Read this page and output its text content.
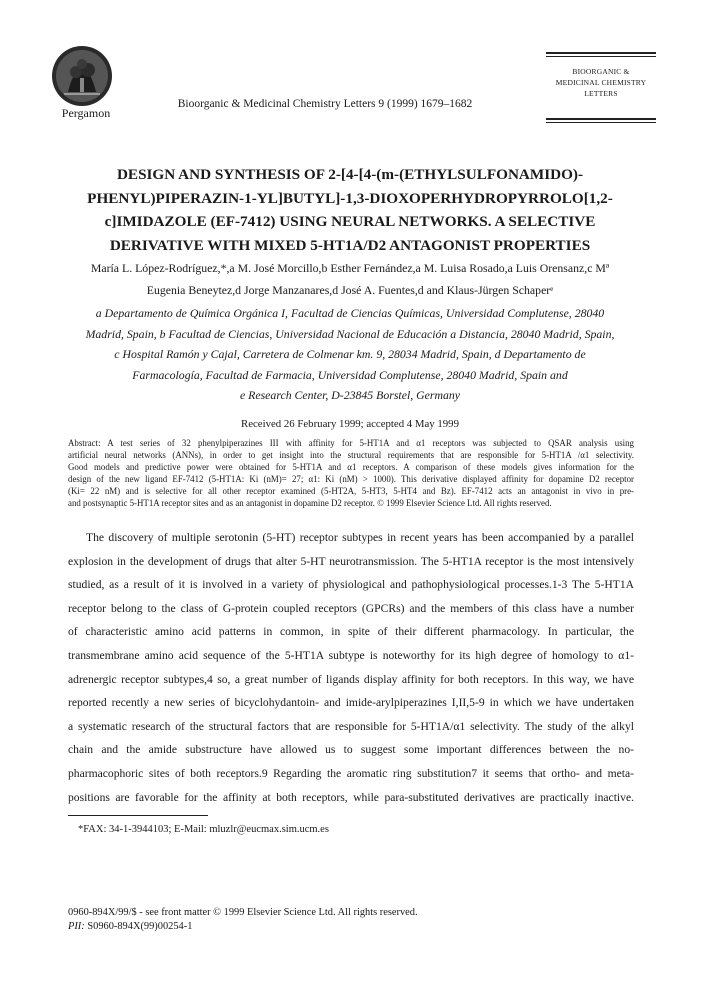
Pergamon
Bioorganic & Medicinal Chemistry Letters 9 (1999) 1679–1682
BIOORGANIC &
MEDICINAL CHEMISTRY
LETTERS
DESIGN AND SYNTHESIS OF 2-[4-[4-(m-(ETHYLSULFONAMIDO)-
PHENYL)PIPERAZIN-1-YL]BUTYL]-1,3-DIOXOPERHYDROPYRROLO[1,2-
c]IMIDAZOLE (EF-7412) USING NEURAL NETWORKS. A SELECTIVE
DERIVATIVE WITH MIXED 5-HT1A/D2 ANTAGONIST PROPERTIES
María L. López-Rodríguez,*,a M. José Morcillo,b Esther Fernández,a M. Luisa Rosado,a Luis Orensanz,c Mª
Eugenia Beneytez,d Jorge Manzanares,d José A. Fuentes,d and Klaus-Jürgen Schaperᵉ
a Departamento de Química Orgánica I, Facultad de Ciencias Químicas, Universidad Complutense, 28040
Madrid, Spain, b Facultad de Ciencias, Universidad Nacional de Educación a Distancia, 28040 Madrid, Spain,
c Hospital Ramón y Cajal, Carretera de Colmenar km. 9, 28034 Madrid, Spain, d Departamento de
Farmacología, Facultad de Farmacia, Universidad Complutense, 28040 Madrid, Spain and
e Research Center, D-23845 Borstel, Germany
Received 26 February 1999; accepted 4 May 1999
Abstract: A test series of 32 phenylpiperazines III with affinity for 5-HT1A and α1 receptors was subjected to QSAR analysis using
artificial neural networks (ANNs), in order to get insight into the structural requirements that are responsible for 5-HT1A /α1 selectivity.
Good models and predictive power were obtained for 5-HT1A and α1 receptors. A comparison of these models gives information for the
design of the new ligand EF-7412 (5-HT1A: Ki (nM)= 27; α1: Ki (nM) > 1000). This derivative displayed affinity for dopamine D2 receptor
(Ki= 22 nM) and is selective for all other receptor examined (5-HT2A, 5-HT3, 5-HT4 and Bz). EF-7412 acts an antagonist in vivo in pre-
and postsynaptic 5-HT1A receptor sites and as an antagonist in dopamine D2 receptor. © 1999 Elsevier Science Ltd. All rights reserved.
The discovery of multiple serotonin (5-HT) receptor subtypes in recent years has been accompanied by a parallel
explosion in the development of drugs that alter 5-HT neurotransmission. The 5-HT1A receptor is the most intensively
studied, as a result of it is involved in a variety of physiological and pathophysiological processes.1-3 The 5-HT1A
receptor belong to the class of G-protein coupled receptors (GPCRs) and the members of this class have a number
of characteristic amino acid patterns in common, in spite of their different pharmacology. In particular, the
transmembrane amino acid sequence of the 5-HT1A subtype is noteworthy for its high degree of homology to α1-
adrenergic receptor subtypes,4 so, a great number of ligands display affinity for both receptors. In this way, we have
reported recently a new series of bicyclohydantoin- and imide-arylpiperazines I,II,5-9 in which we have undertaken
a systematic research of the structural factors that are responsible for 5-HT1A/α1 selectivity. The study of the alkyl
chain and the amide substructure have allowed us to suggest some important differences between the no-
pharmacophoric sites of both receptors.9 Regarding the aromatic ring substitution7 it seems that ortho- and meta-
positions are favorable for the affinity at both receptors, while para-substituted derivatives are practically inactive.
*FAX: 34-1-3944103; E-Mail: mluzlr@eucmax.sim.ucm.es
0960-894X/99/$ - see front matter © 1999 Elsevier Science Ltd. All rights reserved.
PII: S0960-894X(99)00254-1
